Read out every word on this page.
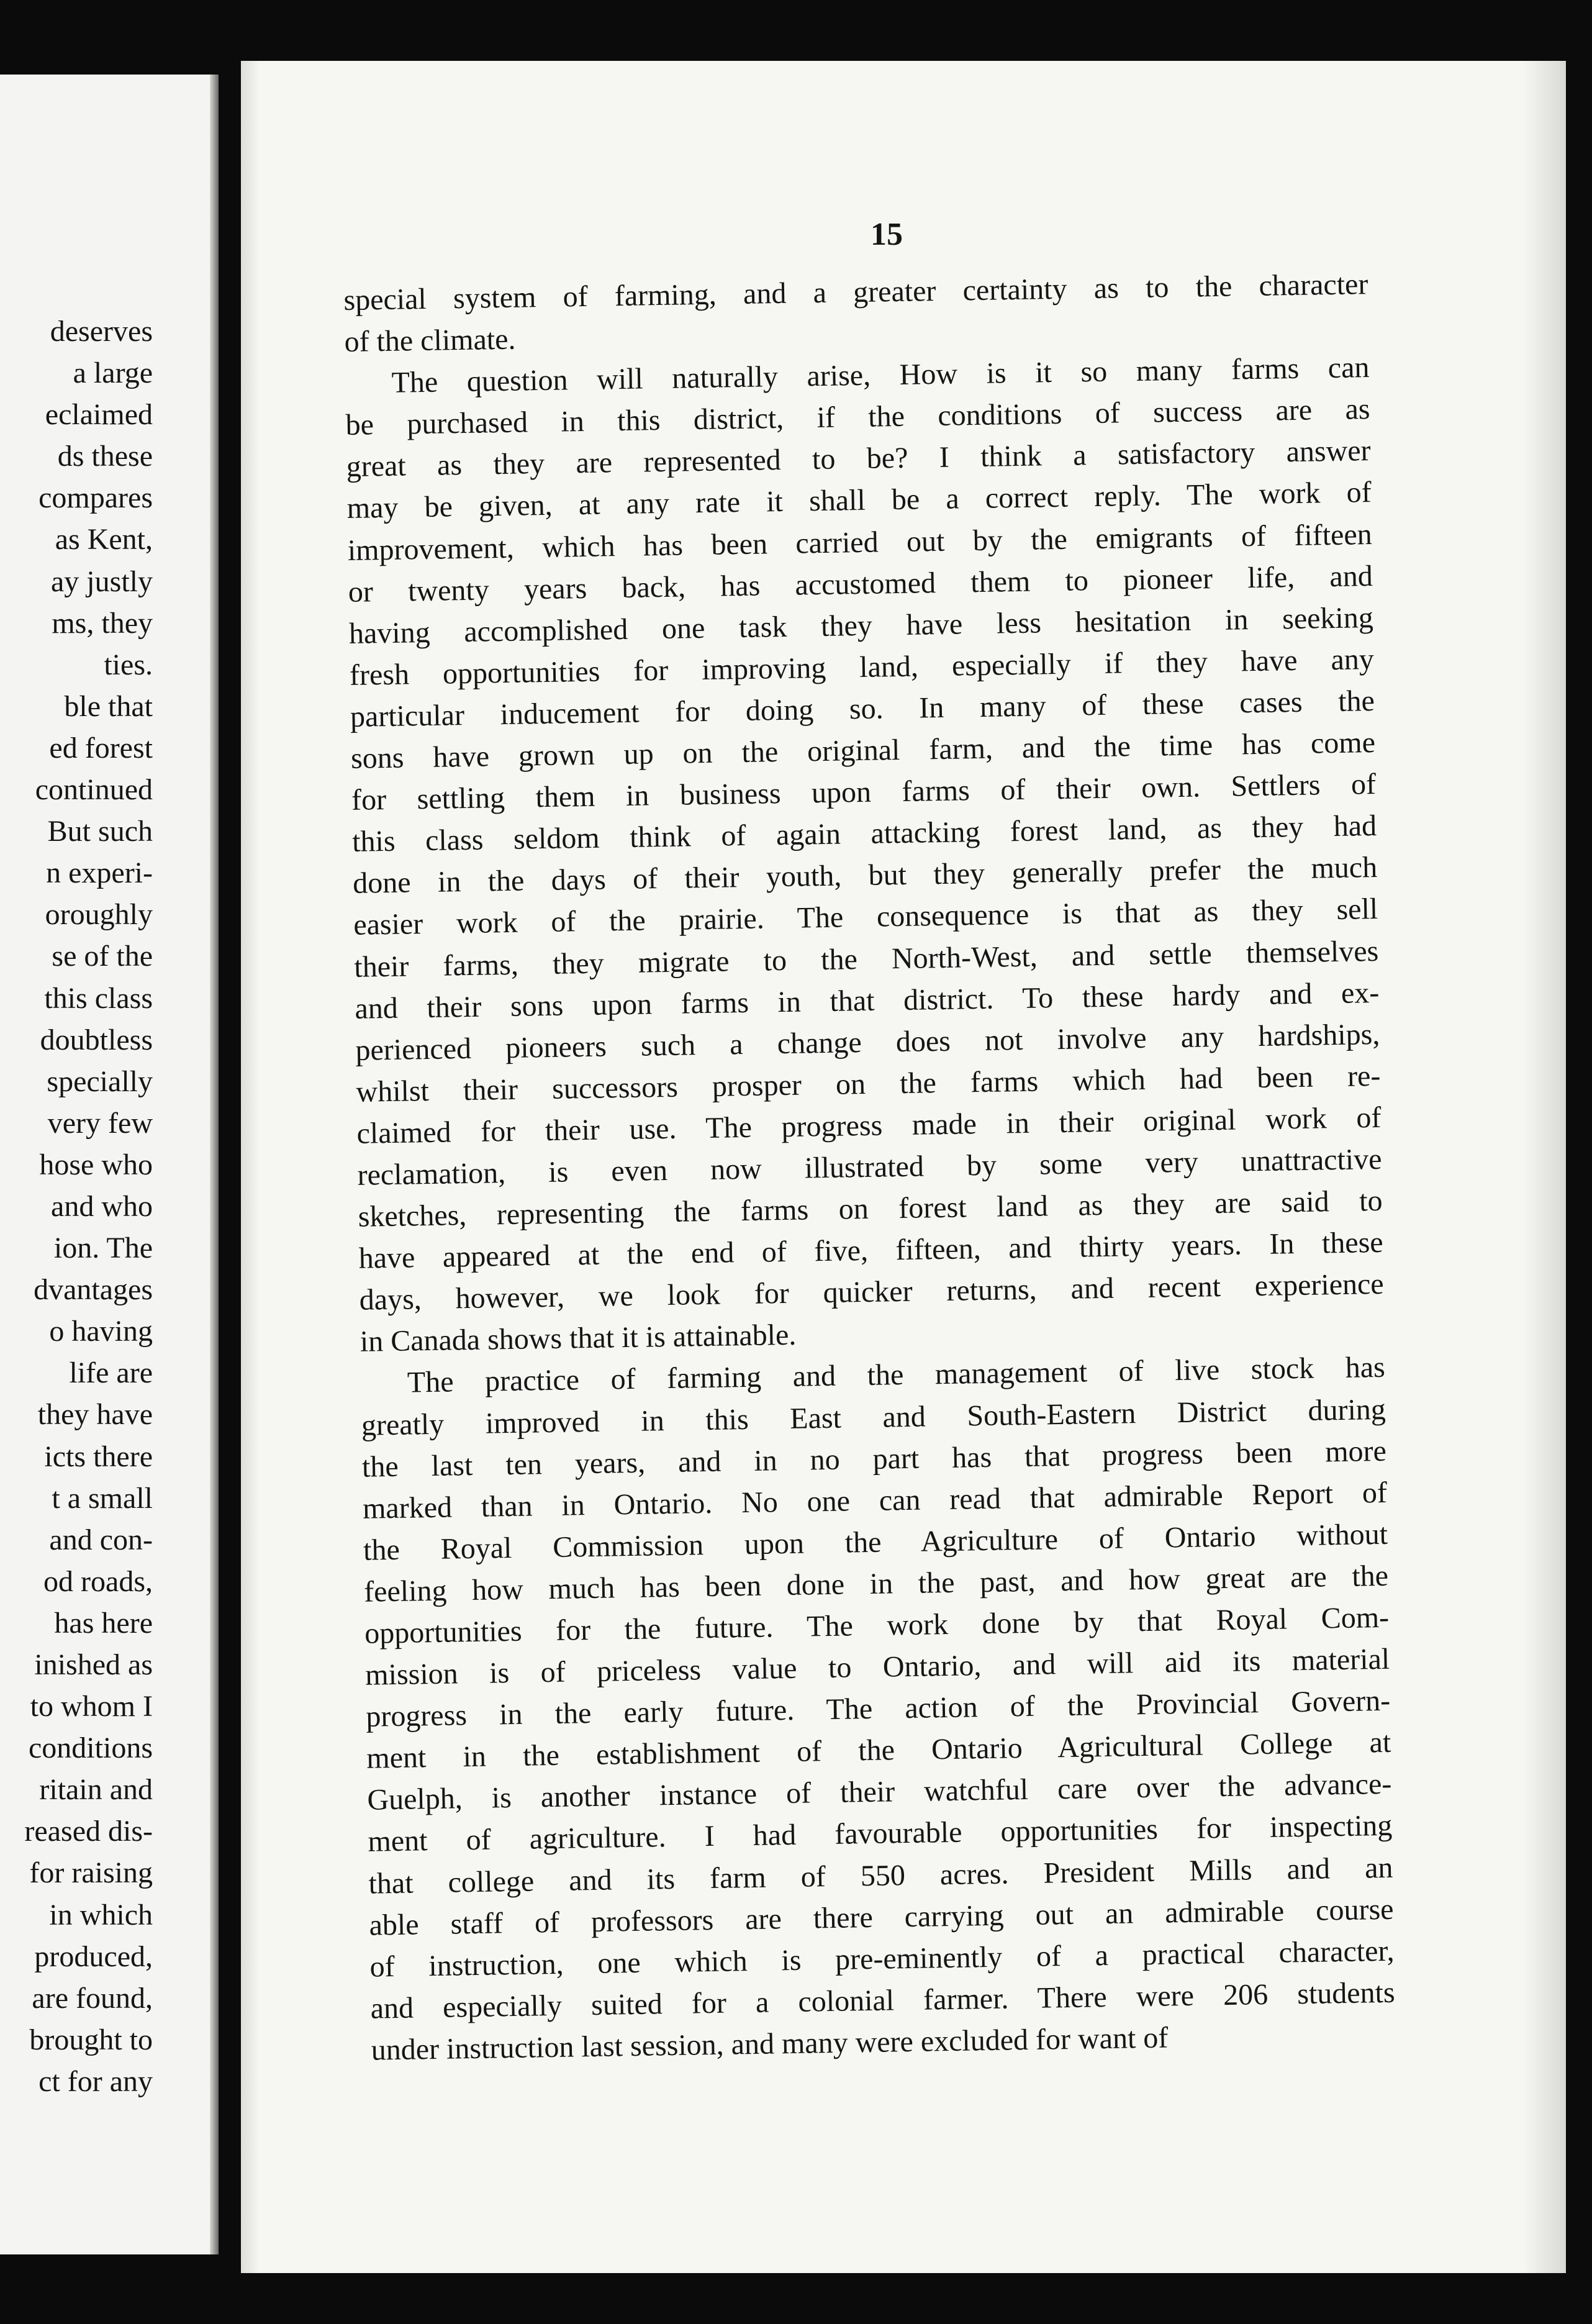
deserves
a large
eclaimed
ds these
compares
as Kent,
ay justly
ms, they
ties.
ble that
ed forest
continued
But such
n experi-
oroughly
se of the
this class
doubtless
specially
very few
hose who
and who
ion. The
dvantages
o having
life are
they have
icts there
t a small
and con-
od roads,
has here
inished as
to whom I
conditions
ritain and
reased dis-
for raising
in which
produced,
are found,
brought to
ct for any
15
special system of farming, and a greater certainty as to the character
of the climate.
The question will naturally arise, How is it so many farms can
be purchased in this district, if the conditions of success are as
great as they are represented to be? I think a satisfactory answer
may be given, at any rate it shall be a correct reply. The work of
improvement, which has been carried out by the emigrants of fifteen
or twenty years back, has accustomed them to pioneer life, and
having accomplished one task they have less hesitation in seeking
fresh opportunities for improving land, especially if they have any
particular inducement for doing so. In many of these cases the
sons have grown up on the original farm, and the time has come
for settling them in business upon farms of their own. Settlers of
this class seldom think of again attacking forest land, as they had
done in the days of their youth, but they generally prefer the much
easier work of the prairie. The consequence is that as they sell
their farms, they migrate to the North-West, and settle themselves
and their sons upon farms in that district. To these hardy and ex-
perienced pioneers such a change does not involve any hardships,
whilst their successors prosper on the farms which had been re-
claimed for their use. The progress made in their original work of
reclamation, is even now illustrated by some very unattractive
sketches, representing the farms on forest land as they are said to
have appeared at the end of five, fifteen, and thirty years. In these
days, however, we look for quicker returns, and recent experience
in Canada shows that it is attainable.
The practice of farming and the management of live stock has
greatly improved in this East and South-Eastern District during
the last ten years, and in no part has that progress been more
marked than in Ontario. No one can read that admirable Report of
the Royal Commission upon the Agriculture of Ontario without
feeling how much has been done in the past, and how great are the
opportunities for the future. The work done by that Royal Com-
mission is of priceless value to Ontario, and will aid its material
progress in the early future. The action of the Provincial Govern-
ment in the establishment of the Ontario Agricultural College at
Guelph, is another instance of their watchful care over the advance-
ment of agriculture. I had favourable opportunities for inspecting
that college and its farm of 550 acres. President Mills and an
able staff of professors are there carrying out an admirable course
of instruction, one which is pre-eminently of a practical character,
and especially suited for a colonial farmer. There were 206 students
under instruction last session, and many were excluded for want of
